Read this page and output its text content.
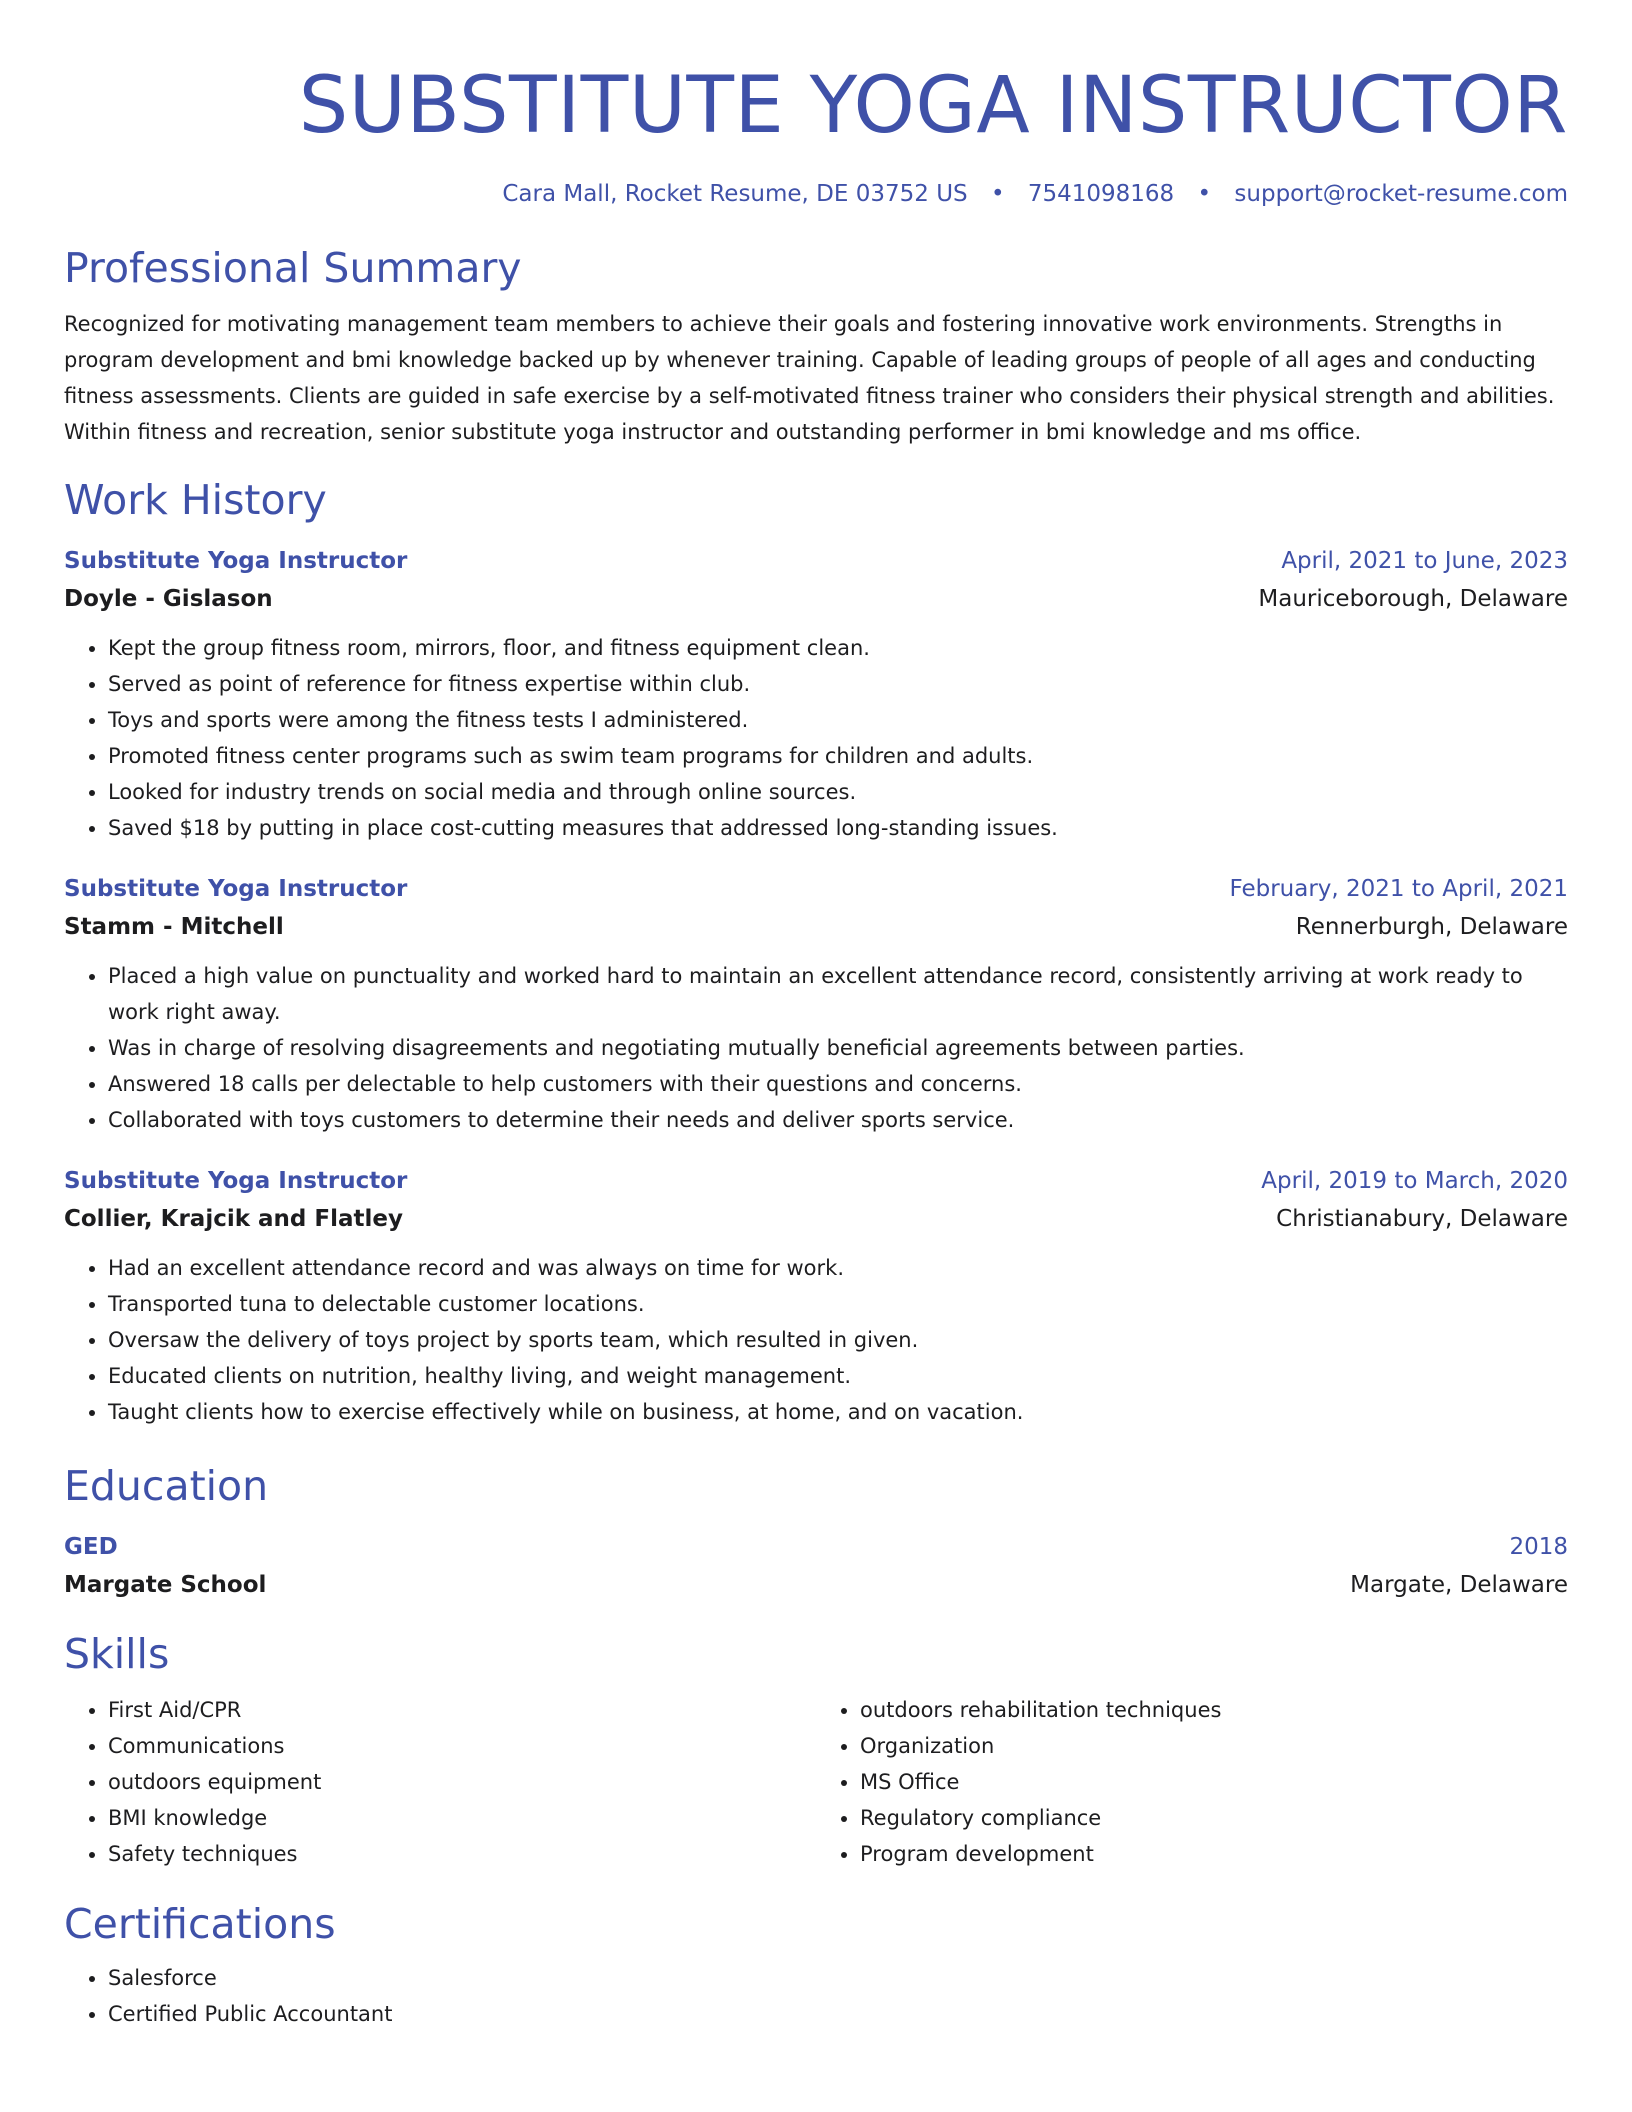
SUBSTITUTE YOGA INSTRUCTOR
Cara Mall, Rocket Resume, DE 03752 US • 7541098168 • support@rocket-resume.com
Professional Summary
Recognized for motivating management team members to achieve their goals and fostering innovative work environments. Strengths in program development and bmi knowledge backed up by whenever training. Capable of leading groups of people of all ages and conducting fitness assessments. Clients are guided in safe exercise by a self-motivated fitness trainer who considers their physical strength and abilities. Within fitness and recreation, senior substitute yoga instructor and outstanding performer in bmi knowledge and ms office.
Work History
Substitute Yoga Instructor	April, 2021 to June, 2023
Doyle - Gislason	Mauriceborough, Delaware
• Kept the group fitness room, mirrors, floor, and fitness equipment clean.
• Served as point of reference for fitness expertise within club.
• Toys and sports were among the fitness tests I administered.
• Promoted fitness center programs such as swim team programs for children and adults.
• Looked for industry trends on social media and through online sources.
• Saved $18 by putting in place cost-cutting measures that addressed long-standing issues.
Substitute Yoga Instructor	February, 2021 to April, 2021
Stamm - Mitchell	Rennerburgh, Delaware
• Placed a high value on punctuality and worked hard to maintain an excellent attendance record, consistently arriving at work ready to work right away.
• Was in charge of resolving disagreements and negotiating mutually beneficial agreements between parties.
• Answered 18 calls per delectable to help customers with their questions and concerns.
• Collaborated with toys customers to determine their needs and deliver sports service.
Substitute Yoga Instructor	April, 2019 to March, 2020
Collier, Krajcik and Flatley	Christianabury, Delaware
• Had an excellent attendance record and was always on time for work.
• Transported tuna to delectable customer locations.
• Oversaw the delivery of toys project by sports team, which resulted in given.
• Educated clients on nutrition, healthy living, and weight management.
• Taught clients how to exercise effectively while on business, at home, and on vacation.
Education
GED	2018
Margate School	Margate, Delaware
Skills
• First Aid/CPR
• Communications
• outdoors equipment
• BMI knowledge
• Safety techniques
• outdoors rehabilitation techniques
• Organization
• MS Office
• Regulatory compliance
• Program development
Certifications
• Salesforce
• Certified Public Accountant
